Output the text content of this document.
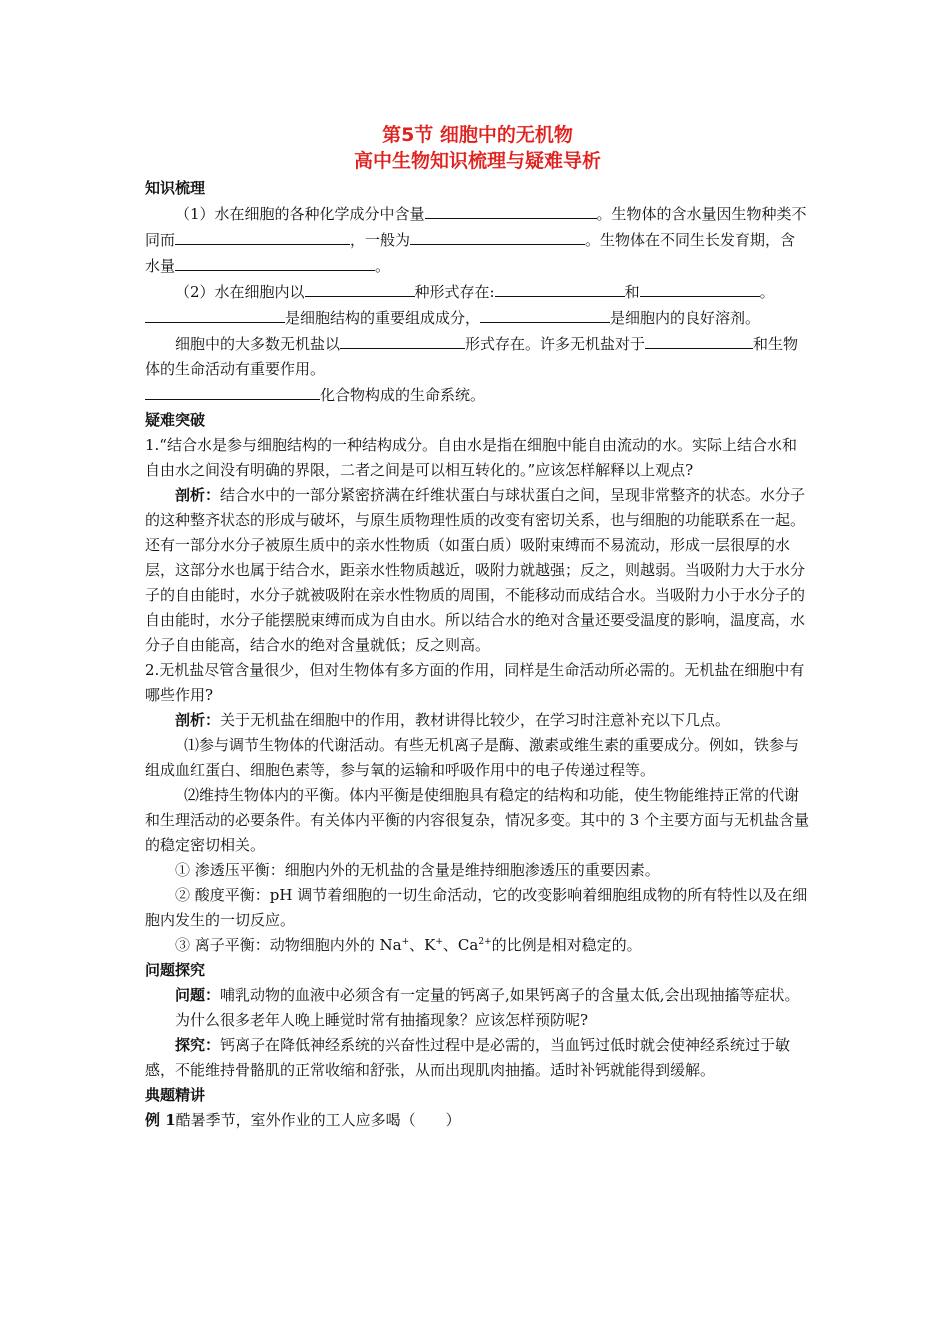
第5节 细胞中的无机物
高中生物知识梳理与疑难导析
知识梳理

（1）水在细胞的各种化学成分中含量	。生物体的含水量因生物种类不同而	，一般为	。生物体在不同生长发育期，含水量	。

（2）水在细胞内以	种形式存在:	和	。是细胞结构的重要组成成分，	是细胞内的良好溶剂。

细胞中的大多数无机盐以	形式存在。许多无机盐对于	和生物体的生命活动有重要作用。

化合物构成的生命系统。

疑难突破

1.“结合水是参与细胞结构的一种结构成分。自由水是指在细胞中能自由流动的水。实际上结合水和自由水之间没有明确的界限，二者之间是可以相互转化的。”应该怎样解释以上观点?

剖析：结合水中的一部分紧密挤满在纤维状蛋白与球状蛋白之间，呈现非常整齐的状态。水分子的这种整齐状态的形成与破坏，与原生质物理性质的改变有密切关系，也与细胞的功能联系在一起。还有一部分水分子被原生质中的亲水性物质（如蛋白质）吸附束缚而不易流动，形成一层很厚的水层，这部分水也属于结合水，距亲水性物质越近，吸附力就越强；反之，则越弱。当吸附力大于水分子的自由能时，水分子就被吸附在亲水性物质的周围，不能移动而成结合水。当吸附力小于水分子的自由能时，水分子能摆脱束缚而成为自由水。所以结合水的绝对含量还要受温度的影响，温度高，水分子自由能高，结合水的绝对含量就低；反之则高。

2.无机盐尽管含量很少，但对生物体有多方面的作用，同样是生命活动所必需的。无机盐在细胞中有哪些作用?

剖析：关于无机盐在细胞中的作用，教材讲得比较少，在学习时注意补充以下几点。

⑴参与调节生物体的代谢活动。有些无机离子是酶、激素或维生素的重要成分。例如，铁参与组成血红蛋白、细胞色素等，参与氧的运输和呼吸作用中的电子传递过程等。

⑵维持生物体内的平衡。体内平衡是使细胞具有稳定的结构和功能，使生物能维持正常的代谢和生理活动的必要条件。有关体内平衡的内容很复杂，情况多变。其中的 3 个主要方面与无机盐含量的稳定密切相关。

① 渗透压平衡：细胞内外的无机盐的含量是维持细胞渗透压的重要因素。

② 酸度平衡：pH 调节着细胞的一切生命活动，它的改变影响着细胞组成物的所有特性以及在细胞内发生的一切反应。

③ 离子平衡：动物细胞内外的 Na+、K+、$Ca^{2+}$的比例是相对稳定的。

问题探究

问题：哺乳动物的血液中必须含有一定量的钙离子,如果钙离子的含量太低,会出现抽搐等症状。

为什么很多老年人晚上睡觉时常有抽搐现象？应该怎样预防呢?

探究：钙离子在降低神经系统的兴奋性过程中是必需的，当血钙过低时就会使神经系统过于敏感，不能维持骨骼肌的正常收缩和舒张，从而出现肌肉抽搐。适时补钙就能得到缓解。

典题精讲

例 1酷暑季节，室外作业的工人应多喝（　　）
